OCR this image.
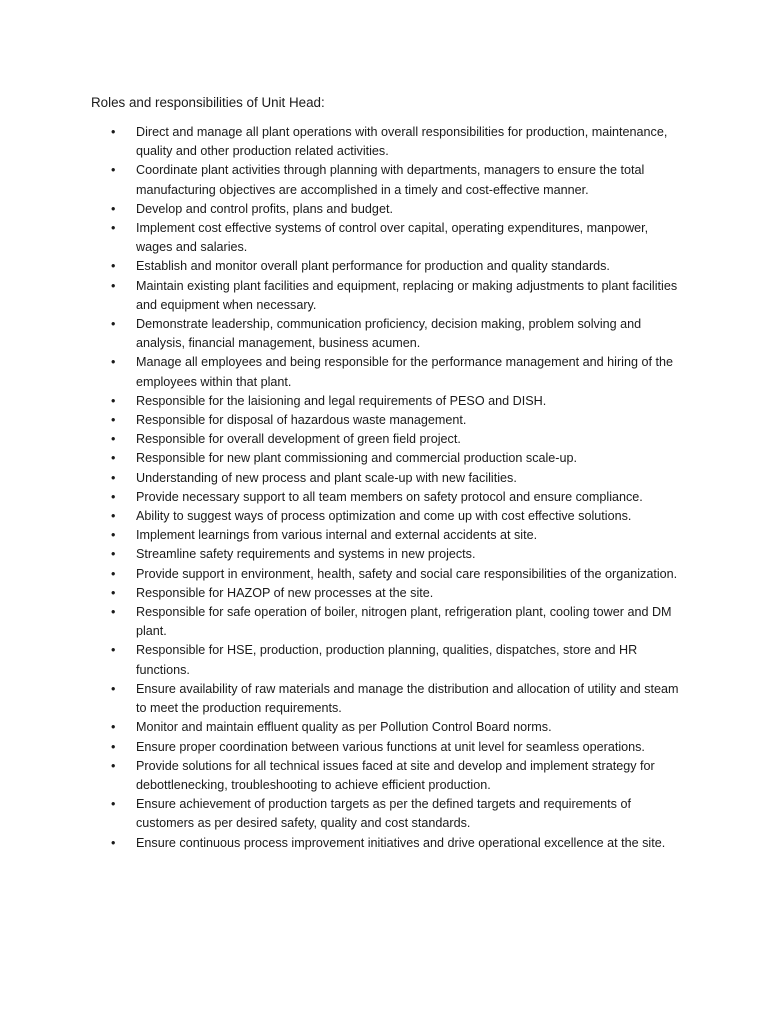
Roles and responsibilities of Unit Head:
• Direct and manage all plant operations with overall responsibilities for production, maintenance, quality and other production related activities.
• Coordinate plant activities through planning with departments, managers to ensure the total manufacturing objectives are accomplished in a timely and cost-effective manner.
• Develop and control profits, plans and budget.
• Implement cost effective systems of control over capital, operating expenditures, manpower, wages and salaries.
• Establish and monitor overall plant performance for production and quality standards.
• Maintain existing plant facilities and equipment, replacing or making adjustments to plant facilities and equipment when necessary.
• Demonstrate leadership, communication proficiency, decision making, problem solving and analysis, financial management, business acumen.
• Manage all employees and being responsible for the performance management and hiring of the employees within that plant.
• Responsible for the laisioning and legal requirements of PESO and DISH.
• Responsible for disposal of hazardous waste management.
• Responsible for overall development of green field project.
• Responsible for new plant commissioning and commercial production scale-up.
• Understanding of new process and plant scale-up with new facilities.
• Provide necessary support to all team members on safety protocol and ensure compliance.
• Ability to suggest ways of process optimization and come up with cost effective solutions.
• Implement learnings from various internal and external accidents at site.
• Streamline safety requirements and systems in new projects.
• Provide support in environment, health, safety and social care responsibilities of the organization.
• Responsible for HAZOP of new processes at the site.
• Responsible for safe operation of boiler, nitrogen plant, refrigeration plant, cooling tower and DM plant.
• Responsible for HSE, production, production planning, qualities, dispatches, store and HR functions.
• Ensure availability of raw materials and manage the distribution and allocation of utility and steam to meet the production requirements.
• Monitor and maintain effluent quality as per Pollution Control Board norms.
• Ensure proper coordination between various functions at unit level for seamless operations.
• Provide solutions for all technical issues faced at site and develop and implement strategy for debottlenecking, troubleshooting to achieve efficient production.
• Ensure achievement of production targets as per the defined targets and requirements of customers as per desired safety, quality and cost standards.
• Ensure continuous process improvement initiatives and drive operational excellence at the site.
